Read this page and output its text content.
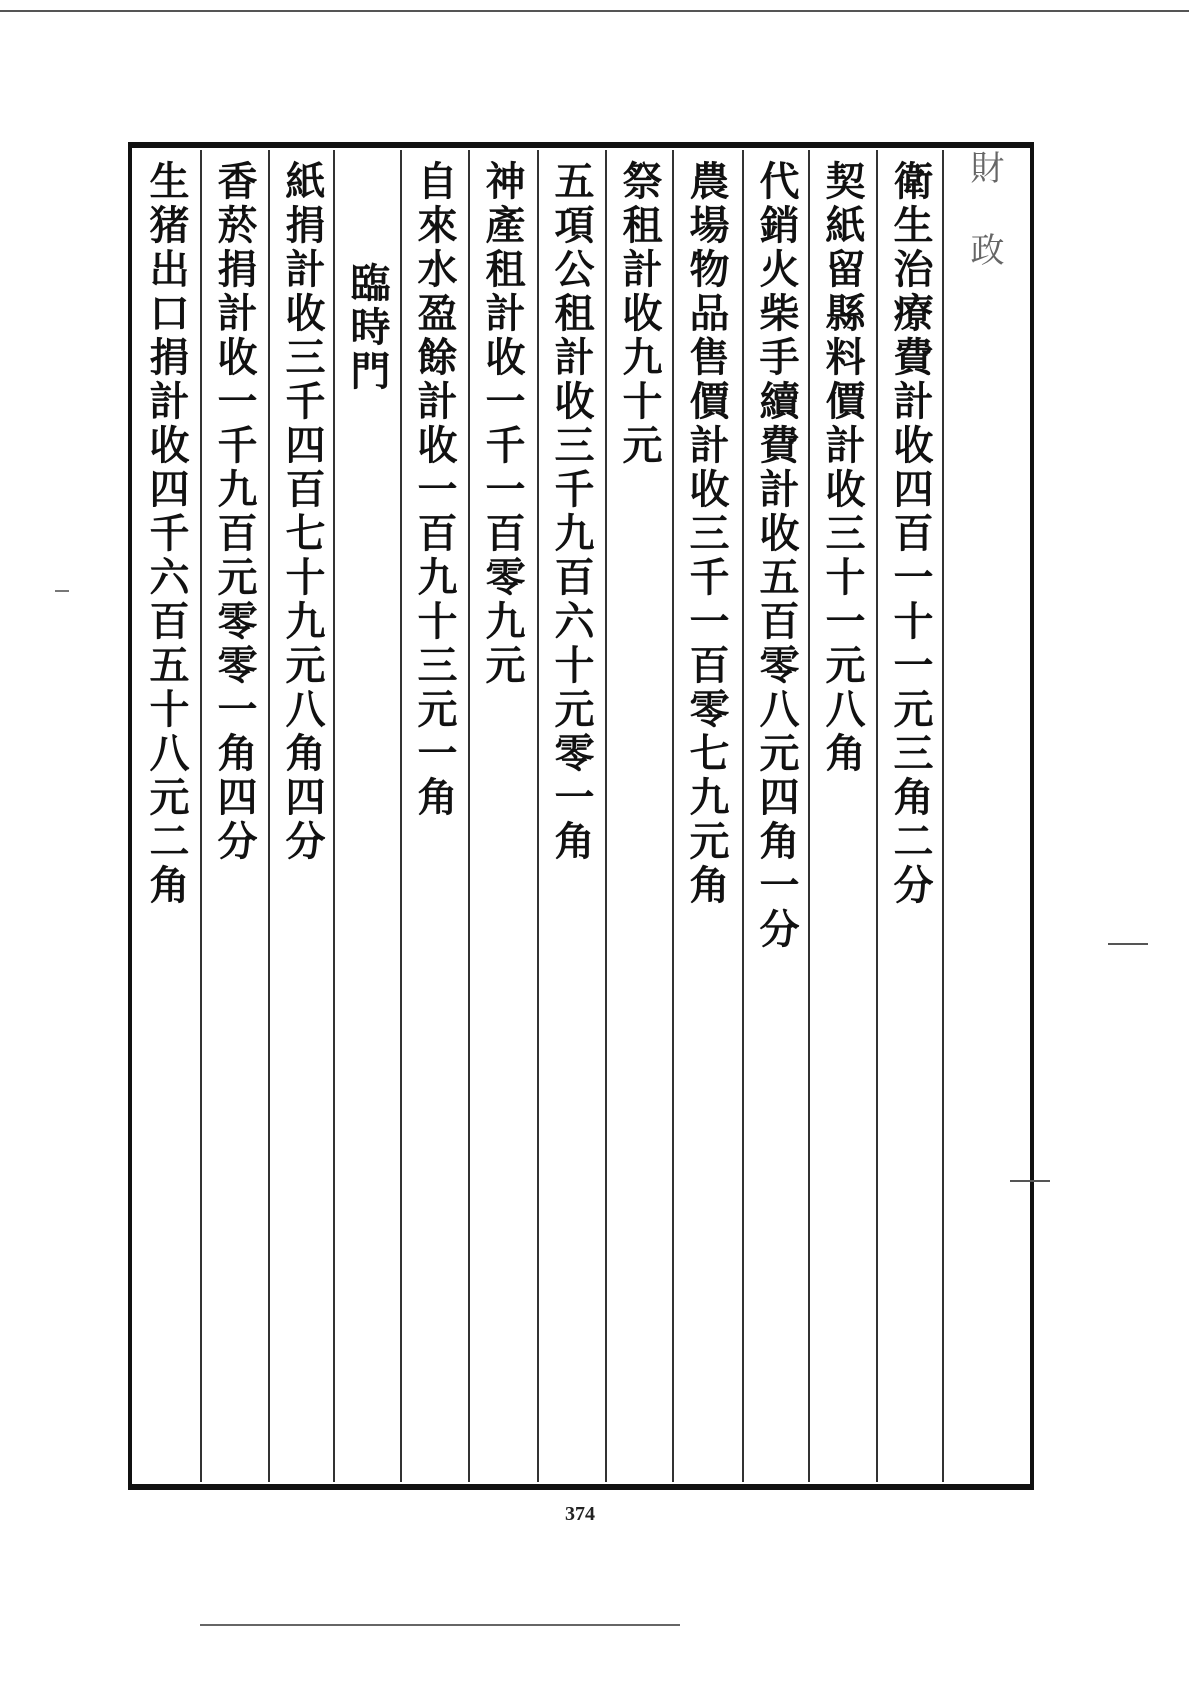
財 政
衛生治療費計收四百一十一元三角二分
契紙留縣料價計收三十一元八角
代銷火柴手續費計收五百零八元四角一分
農場物品售價計收三千一百零七九元角
祭租計收九十元
五項公租計收三千九百六十元零一角
神產租計收一千一百零九元
自來水盈餘計收一百九十三元一角
臨時門
紙捐計收三千四百七十九元八角四分
香菸捐計收一千九百元零零一角四分
生猪出口捐計收四千六百五十八元二角
374
